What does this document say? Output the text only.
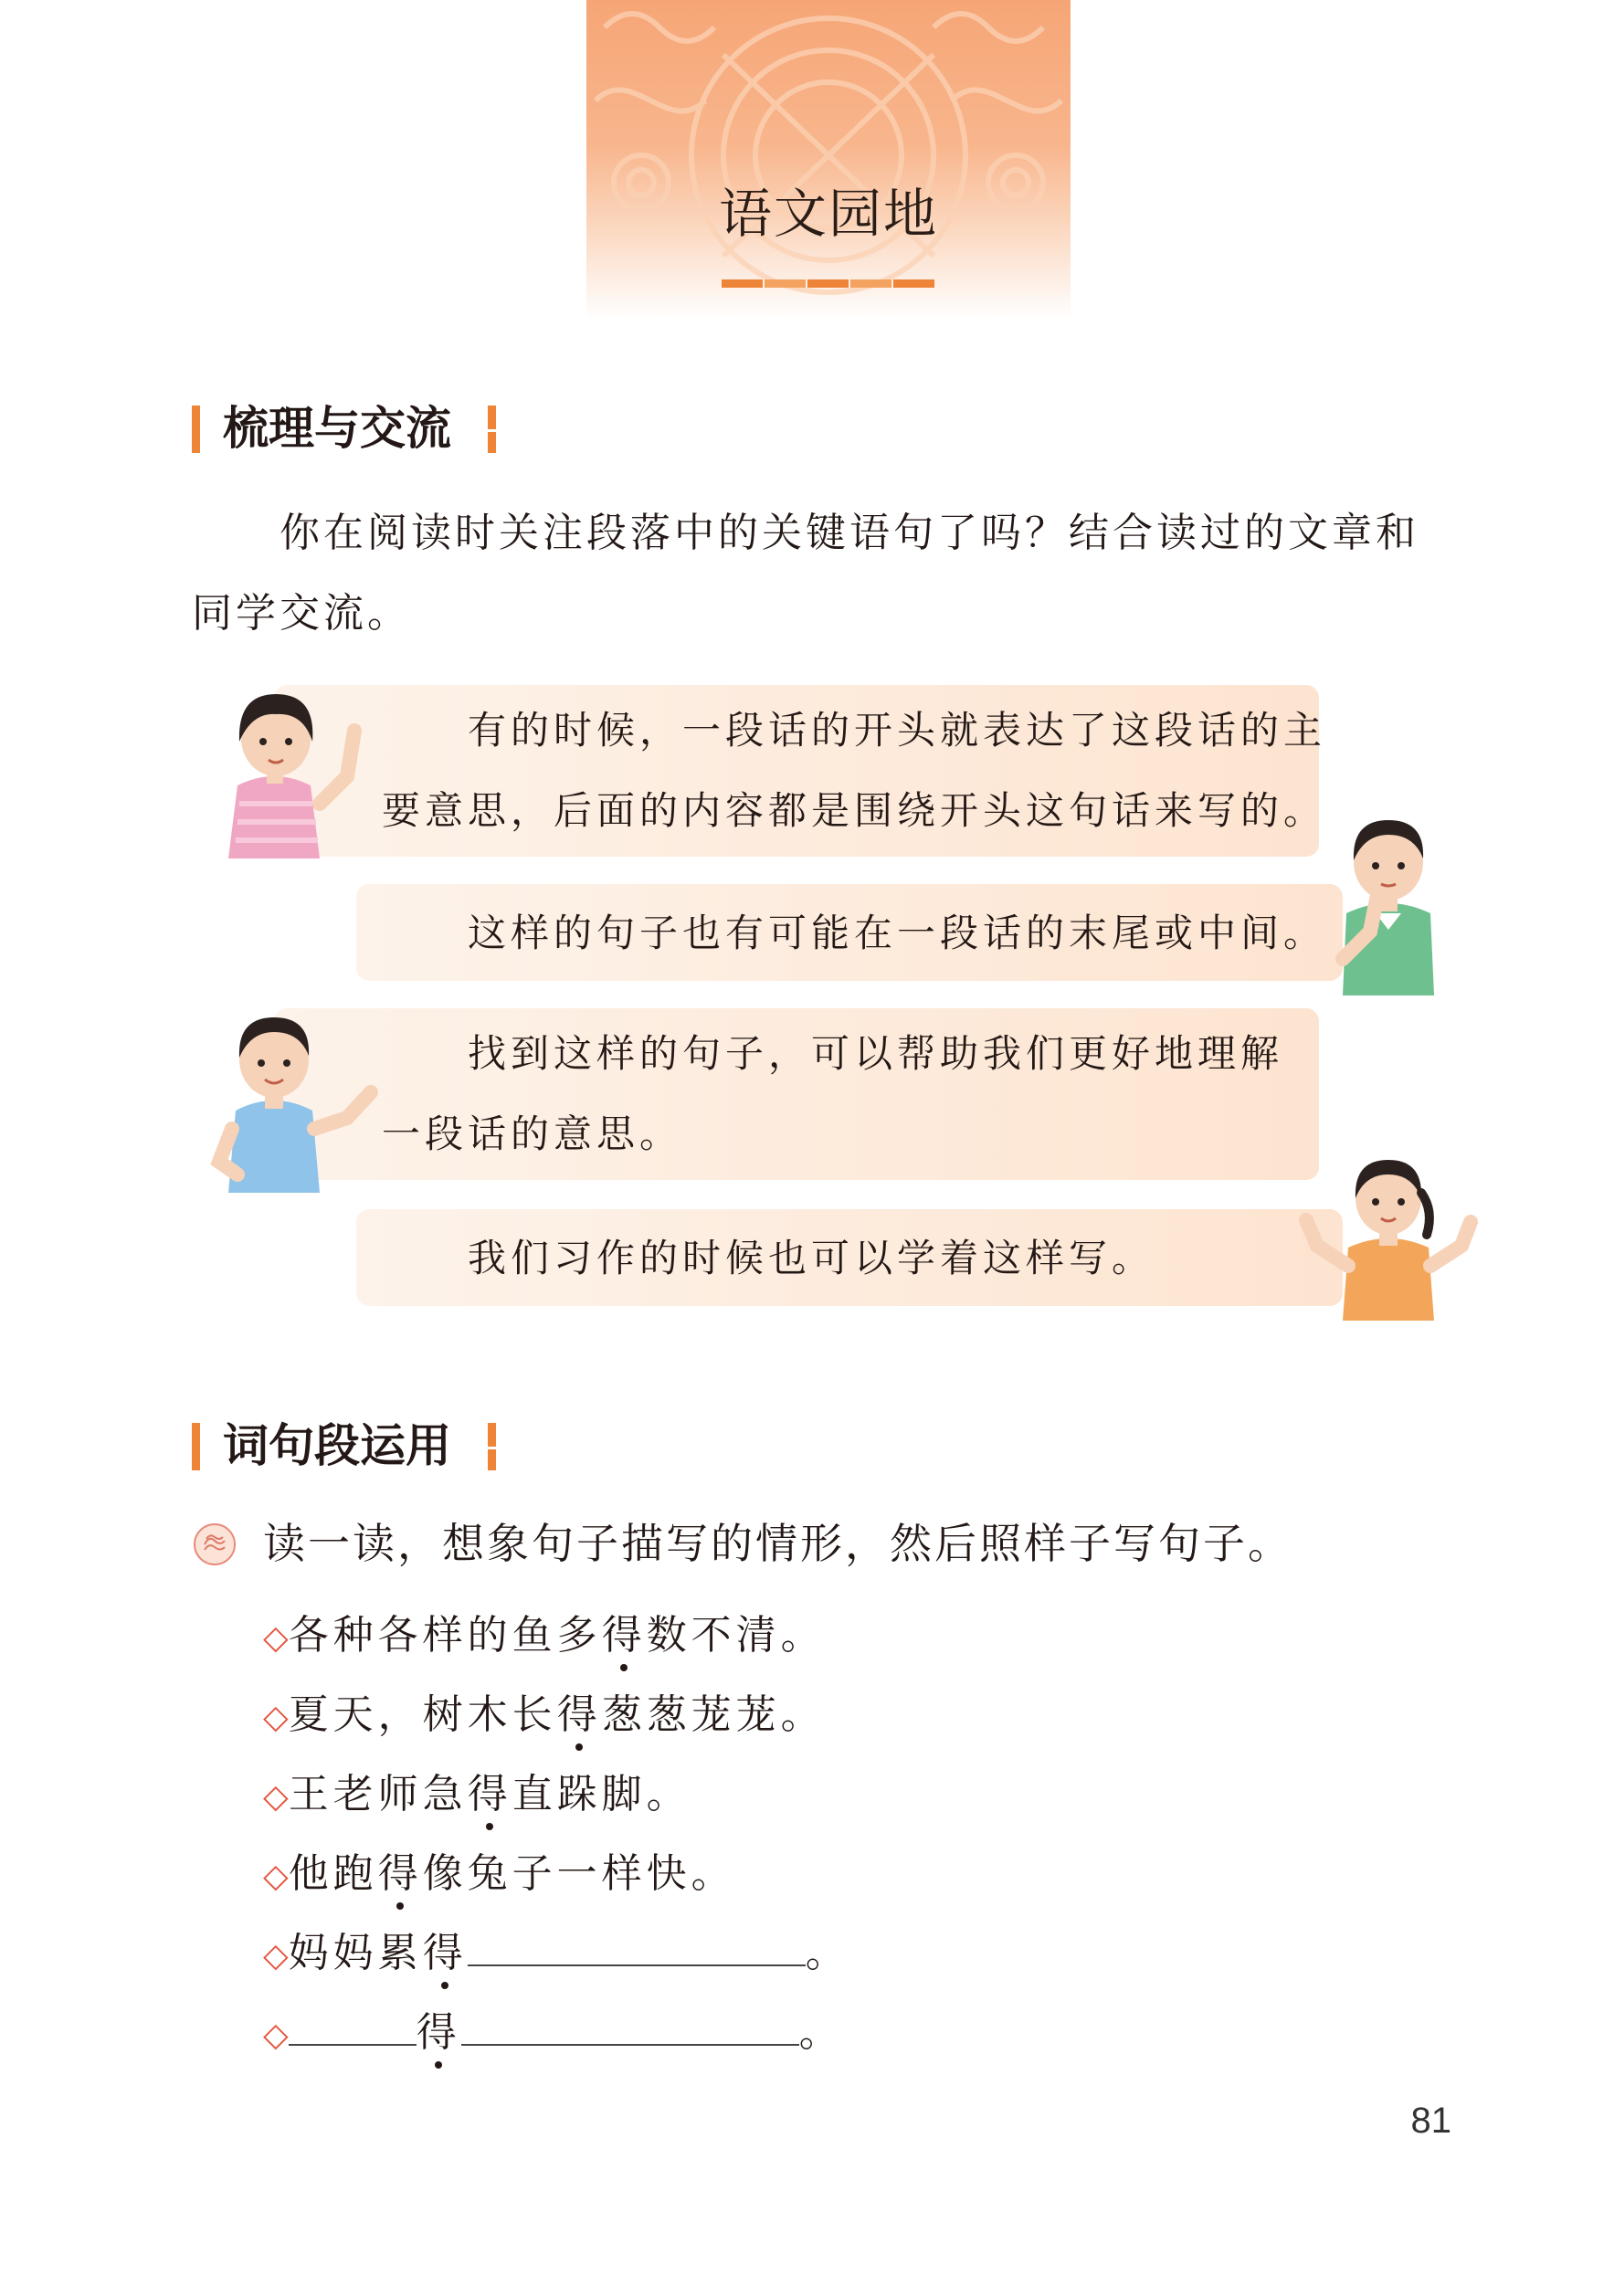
语文园地
梳理与交流
你在阅读时关注段落中的关键语句了吗？结合读过的文章和同学交流。
有的时候，一段话的开头就表达了这段话的主
要意思，后面的内容都是围绕开头这句话来写的。
这样的句子也有可能在一段话的末尾或中间。
找到这样的句子，可以帮助我们更好地理解
一段话的意思。
我们习作的时候也可以学着这样写。
词句段运用
读一读，想象句子描写的情形，然后照样子写句子。
◇各种各样的鱼多得数不清。
◇夏天，树木长得葱葱茏茏。
◇王老师急得直跺脚。
◇他跑得像兔子一样快。
◇妈妈累得	。
◇	得	。
81
